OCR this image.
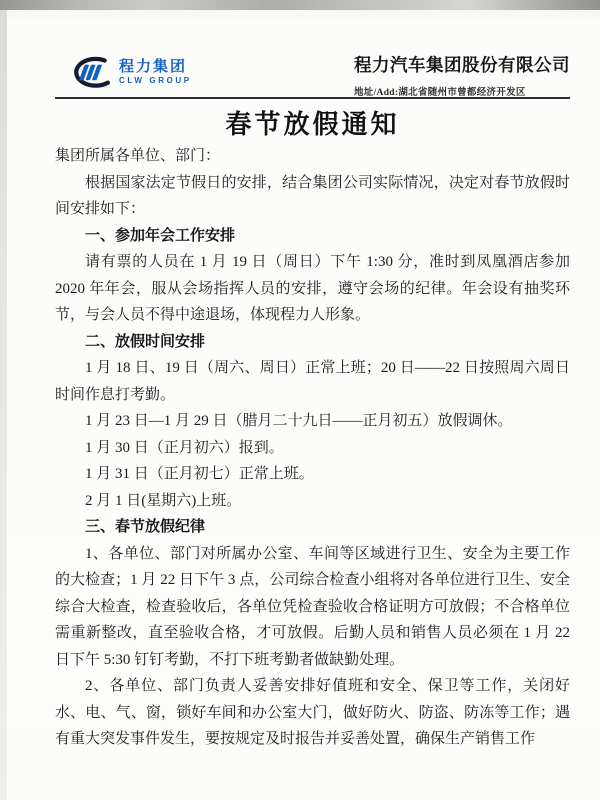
程力集团
CLW GROUP
程力汽车集团股份有限公司
地址/Add:湖北省随州市曾都经济开发区
春节放假通知

集团所属各单位、部门：

根据国家法定节假日的安排，结合集团公司实际情况，决定对春节放假时间安排如下：

一、参加年会工作安排

请有票的人员在 1 月 19 日（周日）下午 1:30 分，准时到凤凰酒店参加 2020 年年会，服从会场指挥人员的安排，遵守会场的纪律。年会设有抽奖环节，与会人员不得中途退场，体现程力人形象。

二、放假时间安排

1 月 18 日、19 日（周六、周日）正常上班；20 日——22 日按照周六周日时间作息打考勤。

1 月 23 日—1 月 29 日（腊月二十九日——正月初五）放假调休。

1 月 30 日（正月初六）报到。

1 月 31 日（正月初七）正常上班。

2 月 1 日(星期六)上班。

三、春节放假纪律

1、各单位、部门对所属办公室、车间等区域进行卫生、安全为主要工作的大检查；1 月 22 日下午 3 点，公司综合检查小组将对各单位进行卫生、安全综合大检查，检查验收后，各单位凭检查验收合格证明方可放假；不合格单位需重新整改，直至验收合格，才可放假。后勤人员和销售人员必须在 1 月 22 日下午 5:30 钉钉考勤，不打下班考勤者做缺勤处理。

2、各单位、部门负责人妥善安排好值班和安全、保卫等工作，关闭好水、电、气、窗，锁好车间和办公室大门，做好防火、防盗、防冻等工作；遇有重大突发事件发生，要按规定及时报告并妥善处置，确保生产销售工作
